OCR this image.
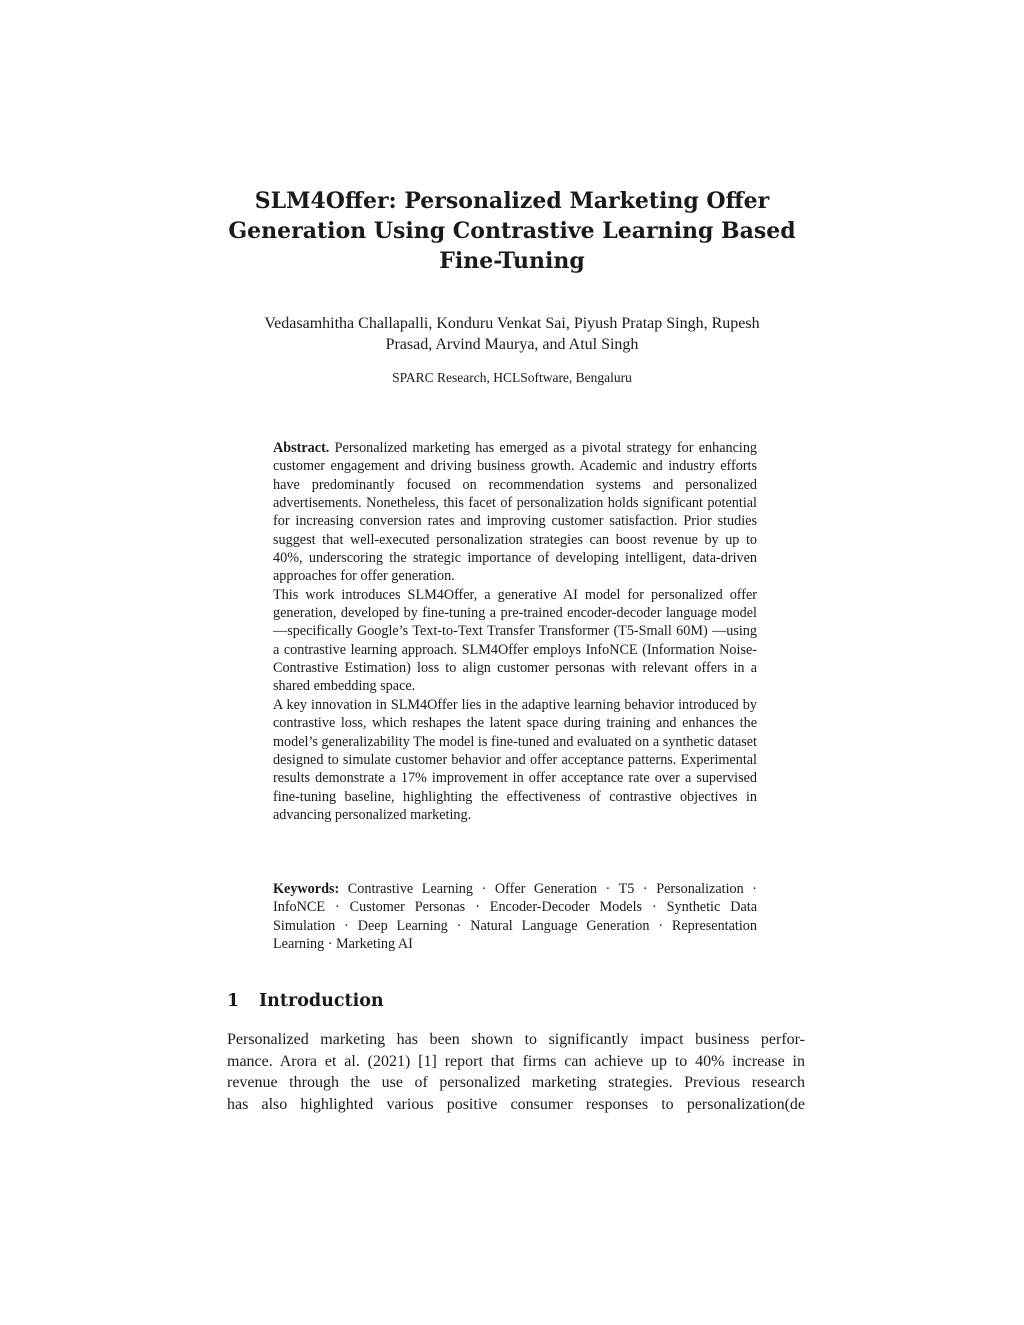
SLM4Offer: Personalized Marketing Offer
Generation Using Contrastive Learning Based
Fine-Tuning

Vedasamhitha Challapalli, Konduru Venkat Sai, Piyush Pratap Singh, Rupesh
Prasad, Arvind Maurya, and Atul Singh

SPARC Research, HCLSoftware, Bengaluru

Abstract. Personalized marketing has emerged as a pivotal strategy for enhancing customer engagement and driving business growth. Academic and industry efforts have predominantly focused on recommendation systems and personalized advertisements. Nonetheless, this facet of personalization holds significant potential for increasing conversion rates and improving customer satisfaction. Prior studies suggest that well-executed personalization strategies can boost revenue by up to 40%, underscoring the strategic importance of developing intelligent, data-driven approaches for offer generation.

This work introduces SLM4Offer, a generative AI model for personalized offer generation, developed by fine-tuning a pre-trained encoder-decoder language model—specifically Google’s Text-to-Text Transfer Transformer (T5-Small 60M) —using a contrastive learning approach. SLM4Offer employs InfoNCE (Information Noise-Contrastive Estimation) loss to align customer personas with relevant offers in a shared embedding space.

A key innovation in SLM4Offer lies in the adaptive learning behavior introduced by contrastive loss, which reshapes the latent space during training and enhances the model’s generalizability The model is fine-tuned and evaluated on a synthetic dataset designed to simulate customer behavior and offer acceptance patterns. Experimental results demonstrate a 17% improvement in offer acceptance rate over a supervised fine-tuning baseline, highlighting the effectiveness of contrastive objectives in advancing personalized marketing.

Keywords: Contrastive Learning · Offer Generation · T5 · Personalization · InfoNCE · Customer Personas · Encoder-Decoder Models · Synthetic Data Simulation · Deep Learning · Natural Language Generation · Representation Learning · Marketing AI

1 Introduction

Personalized marketing has been shown to significantly impact business perfor-
mance. Arora et al. (2021) [1] report that firms can achieve up to 40% increase in
revenue through the use of personalized marketing strategies. Previous research
has also highlighted various positive consumer responses to personalization(de
